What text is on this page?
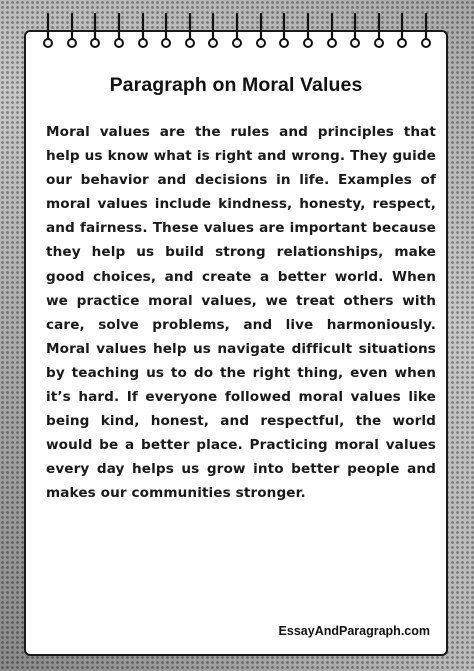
Paragraph on Moral Values

Moral values are the rules and principles that help us know what is right and wrong. They guide our behavior and decisions in life. Examples of moral values include kindness, honesty, respect, and fairness. These values are important because they help us build strong relationships, make good choices, and create a better world. When we practice moral values, we treat others with care, solve problems, and live harmoniously. Moral values help us navigate difficult situations by teaching us to do the right thing, even when it’s hard. If everyone followed moral values like being kind, honest, and respectful, the world would be a better place. Practicing moral values every day helps us grow into better people and makes our communities stronger.

EssayAndParagraph.com
